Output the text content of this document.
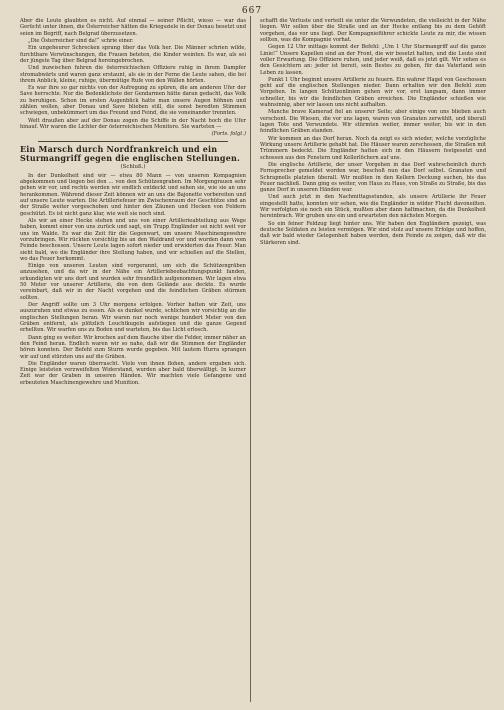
667

Aber die Leute glaubten es nicht. Auf einmal — seiner Pflicht, wieso — war das Gerücht unter ihnen, die Österreicher hätten die Kriegsziele in der Donau besetzt und seien im Begriff, nach Belgrad überzusetzen.

„Die Österreicher sind da!“ schrie einer.

Ein ungeheurer Schrecken sprang über das Volk her. Die Männer schrien wilde, furchtbare Verwünschungen, die Frauen beteten, die Kinder weinten. Es war, als sei der jüngste Tag über Belgrad hereingebrochen.

Und inzwischen fuhren die österreichischen Offiziere ruhig in ihrem Dampfer stromabwärts und waren ganz erstaunt, als sie in der Ferne die Leute sahen, die bei ihrem Anblick, kleine, ruhige, übermütige Rufe von den Wällen hörten.

Es war ihre so gar nichts von der Aufregung zu spüren, die am anderen Ufer der Save herrschte. Nur die Bedenklichste der Gendarmen hätte daran gedacht, das Volk zu beruhigen. Schon im ersten Augenblick hatte man unsere Augen höhnen und zählen wollen, aber Donau und Save blieben still, die sonst beredten Stimmen schwiegen, unbekümmert um das Freund und Feind, die sie voneinander trennten.

Welt draußen aber auf der Donau zogen die Schiffe in der Nacht hoch die Ufer hinauf. Wir waren die Lichter der österreichischen Monitore. Sie warteten —

(Forts. folgt.)
Ein Marsch durch Nordfrankreich und ein Sturmangriff gegen die englischen Stellungen.
(Schluß.)

In der Dunkelheit sind wir — etwa 80 Mann — von unseren Kompagnien abgekommen und liegen bei den ... von den Schützengraben. Im Morgengrauen sehr gehen wir vor, und rechts werden wir endlich entdeckt und sehen sie, wie sie an uns herankommen. Während dieser Zeit können wir an uns die Bajonette vorbereiten und auf unsere Leute warten. Die Artilleriefeuer im Zwischenraum der Geschütze sind an der Straße weiter vorgeschoben und hinter den Zäunen und Hecken von Feldern geschützt. Es ist nicht ganz klar, wie weit sie noch sind.

Als wir an einer Hecke stehen und uns von einer Artillerieabteilung aus Wege haben, kommt einer von uns zurück und sagt, ein Trupp Engländer sei nicht weit vor uns im Walde. Es war die Zeit für die Gegenwart, um unsere Maschinengewehre vorzubringen. Wir rückten vorsichtig bis an den Waldrand vor und wurden dann vom Feinde beschossen. Unsere Leute lagen sofort nieder und erwiderten das Feuer. Man sieht bald, wo die Engländer ihre Stellung haben, und wir schießen auf die Stellen, wo das Feuer herkommt.

Einige von unseren Leuten sind vorgerannt, um sich die Schützengräben anzusehen, und da wir in der Nähe ein Artilleriebeobachtungspunkt fanden, erkundigten wir uns dort und wurden sehr freundlich aufgenommen. Wir lagen etwa 50 Meter vor unserer Artillerie, die von dem Gelände aus deckte. Es wurde vereinbart, daß wir in der Nacht vorgehen und die feindlichen Gräben stürmen sollten.

Der Angriff sollte um 3 Uhr morgens erfolgen. Vorher hatten wir Zeit, uns auszuruhen und etwas zu essen. Als es dunkel wurde, schlichen wir vorsichtig an die englischen Stellungen heran. Wir waren nur noch wenige hundert Meter von den Gräben entfernt, als plötzlich Leuchtkugeln aufstiegen und die ganze Gegend erhellten. Wir warfen uns zu Boden und warteten, bis das Licht erlosch.

Dann ging es weiter. Wir krochen auf dem Bauche über die Felder, immer näher an den Feind heran. Endlich waren wir so nahe, daß wir die Stimmen der Engländer hören konnten. Der Befehl zum Sturm wurde gegeben. Mit lautem Hurra sprangen wir auf und stürzten uns auf die Gräben.

Die Engländer waren überrascht. Viele von ihnen flohen, andere ergaben sich. Einige leisteten verzweifelten Widerstand, wurden aber bald überwältigt. In kurzer Zeit war der Graben in unseren Händen. Wir machten viele Gefangene und erbeuteten Maschinengewehre und Munition.

schafft die Verluste und verteilt sie unter die Verwundeten, die vielleicht in der Nähe liegen. Wir sollen über die Straße und an der Hecke entlang bis zu dem Gehöft vorgehen, das vor uns liegt. Der Kompagnieführer schickte Leute zu mir, die wissen sollten, was die Kompagnie vorhat.

Gegen 12 Uhr mittags kommt der Befehl: „Um 1 Uhr Sturmangriff auf die ganze Linie!“ Unsere Kapellen sind an der Front, die wir besetzt halten, und die Leute sind voller Erwartung. Die Offiziere ruhen, und jeder weiß, daß es jetzt gilt. Wir sehen es den Gesichtern an: jeder ist bereit, sein Bestes zu geben, für das Vaterland sein Leben zu lassen.

Punkt 1 Uhr beginnt unsere Artillerie zu feuern. Ein wahrer Hagel von Geschossen geht auf die englischen Stellungen nieder. Dann erhalten wir den Befehl zum Vorgehen. In langen Schützenlinien gehen wir vor, erst langsam, dann immer schneller, bis wir die feindlichen Gräben erreichen. Die Engländer schießen wie wahnsinnig, aber wir lassen uns nicht aufhalten.

Manche brave Kamerad fiel an unserer Seite; aber einige von uns blieben auch verschont. Die Wiesen, die vor uns lagen, waren von Granaten zerwühlt, und überall lagen Tote und Verwundete. Wir stürmten weiter, immer weiter, bis wir in den feindlichen Gräben standen.

Wir kommen an das Dorf heran. Noch da zeigt es sich wieder, welche vorzügliche Wirkung unsere Artillerie gehabt hat. Die Häuser waren zerschossen, die Straßen mit Trümmern bedeckt. Die Engländer hatten sich in den Häusern festgesetzt und schossen aus den Fenstern und Kellerlöchern auf uns.

Die englische Artillerie, der unser Vorgehen in das Dorf wahrscheinlich durch Fernsprecher gemeldet worden war, beschoß nun das Dorf selbst. Granaten und Schrapnells platzten überall. Wir mußten in den Kellern Deckung suchen, bis das Feuer nachließ. Dann ging es weiter, von Haus zu Haus, von Straße zu Straße, bis das ganze Dorf in unseren Händen war.

Und auch jetzt in den Nachmittagsstunden, als unsere Artillerie ihr Feuer eingestellt hatte, konnten wir sehen, wie die Engländer in wilder Flucht davoneilten. Wir verfolgten sie noch ein Stück, mußten aber dann haltmachen, da die Dunkelheit hereinbrach. Wir gruben uns ein und erwarteten den nächsten Morgen.

So ein feiner Feldzug liegt hinter uns. Wir haben den Engländern gezeigt, was deutsche Soldaten zu leisten vermögen. Wir sind stolz auf unsere Erfolge und hoffen, daß wir bald wieder Gelegenheit haben werden, dem Feinde zu zeigen, daß wir die Stärkeren sind.
